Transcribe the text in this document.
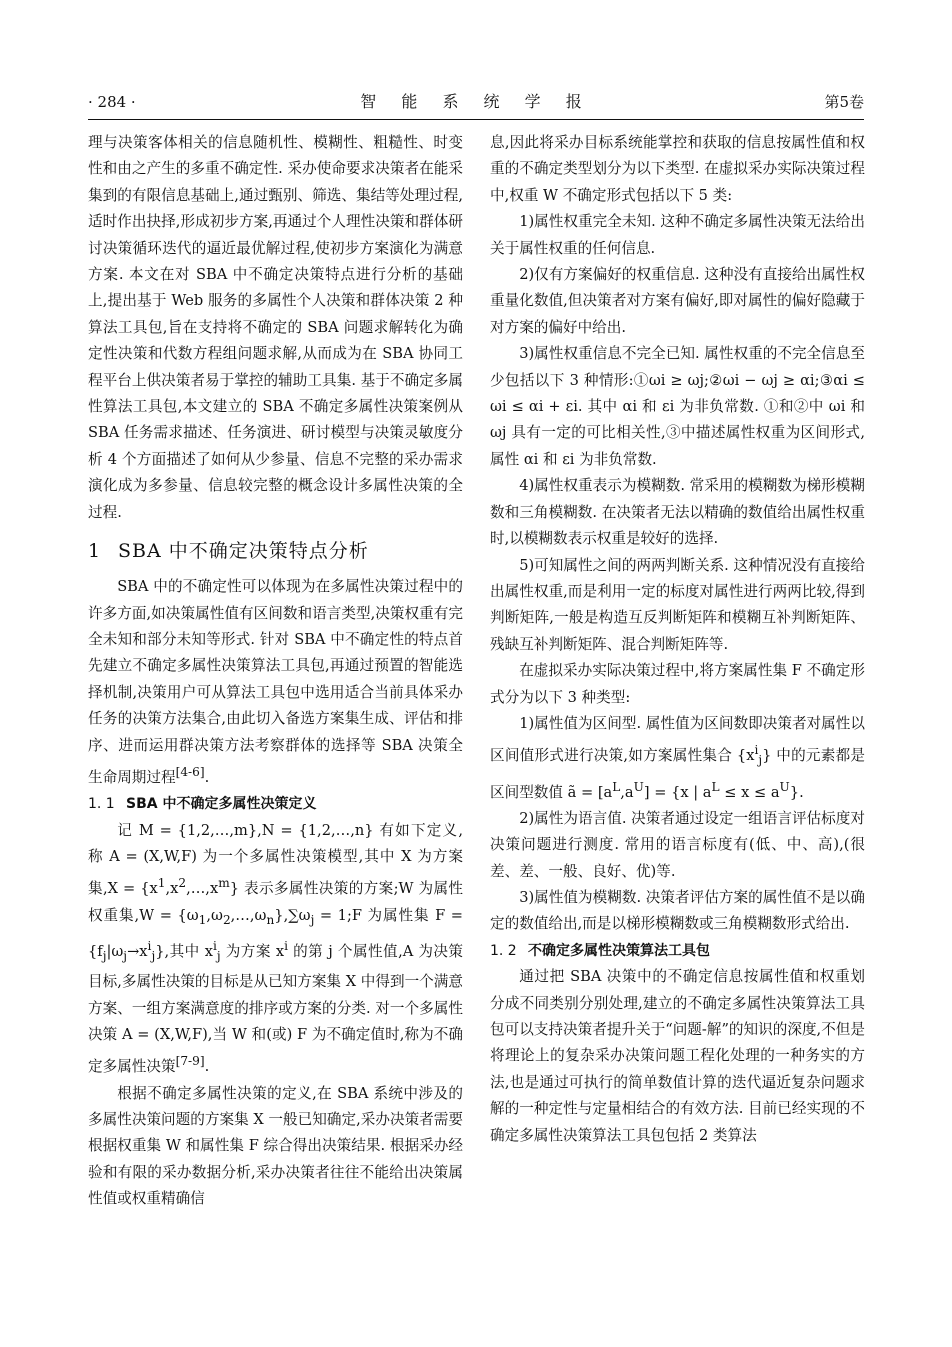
· 284 ·	智 能 系 统 学 报	第5卷

理与决策客体相关的信息随机性、模糊性、粗糙性、时变性和由之产生的多重不确定性. 采办使命要求决策者在能采集到的有限信息基础上,通过甄别、筛选、集结等处理过程,适时作出抉择,形成初步方案,再通过个人理性决策和群体研讨决策循环迭代的逼近最优解过程,使初步方案演化为满意方案. 本文在对 SBA 中不确定决策特点进行分析的基础上,提出基于 Web 服务的多属性个人决策和群体决策 2 种算法工具包,旨在支持将不确定的 SBA 问题求解转化为确定性决策和代数方程组问题求解,从而成为在 SBA 协同工程平台上供决策者易于掌控的辅助工具集. 基于不确定多属性算法工具包,本文建立的 SBA 不确定多属性决策案例从 SBA 任务需求描述、任务演进、研讨模型与决策灵敏度分析 4 个方面描述了如何从少参量、信息不完整的采办需求演化成为多参量、信息较完整的概念设计多属性决策的全过程.

1 SBA 中不确定决策特点分析

SBA 中的不确定性可以体现为在多属性决策过程中的许多方面,如决策属性值有区间数和语言类型,决策权重有完全未知和部分未知等形式. 针对 SBA 中不确定性的特点首先建立不确定多属性决策算法工具包,再通过预置的智能选择机制,决策用户可从算法工具包中选用适合当前具体采办任务的决策方法集合,由此切入备选方案集生成、评估和排序、进而运用群决策方法考察群体的选择等 SBA 决策全生命周期过程[4-6].

1. 1 SBA 中不确定多属性决策定义

记 M = {1,2,…,m},N = {1,2,…,n} 有如下定义,称 A = (X,W,F) 为一个多属性决策模型,其中 X 为方案集$,X = \{x^1,x^2,\dots,x^m\}$ 表示多属性决策的方案;W 为属性权重集$,W = \{\omega_1,\omega_2,\dots,\omega_n\},\sum\omega_j$ = 1;F 为属性集 $F = \{f_j|\omega_j\to x^i_j\}$,其中 $x^i_j$ 为方案 $x^i$ 的第 j 个属性值,A 为决策目标,多属性决策的目标是从已知方案集 X 中得到一个满意方案、一组方案满意度的排序或方案的分类. 对一个多属性决策 A = (X,W,F),当 W 和(或) F 为不确定值时,称为不确定多属性决策[7-9].

根据不确定多属性决策的定义,在 SBA 系统中涉及的多属性决策问题的方案集 X 一般已知确定,采办决策者需要根据权重集 W 和属性集 F 综合得出决策结果. 根据采办经验和有限的采办数据分析,采办决策者往往不能给出决策属性值或权重精确信

息,因此将采办目标系统能掌控和获取的信息按属性值和权重的不确定类型划分为以下类型. 在虚拟采办实际决策过程中,权重 W 不确定形式包括以下 5 类:

1)属性权重完全未知. 这种不确定多属性决策无法给出关于属性权重的任何信息.

2)仅有方案偏好的权重信息. 这种没有直接给出属性权重量化数值,但决策者对方案有偏好,即对属性的偏好隐藏于对方案的偏好中给出.

3)属性权重信息不完全已知. 属性权重的不完全信息至少包括以下 3 种情形:①ωi ≥ ωj;②ωi − ωj ≥ αi;③αi ≤ ωi ≤ αi + εi. 其中 αi 和 εi 为非负常数. ①和②中 ωi 和 ωj 具有一定的可比相关性,③中描述属性权重为区间形式,属性 αi 和 εi 为非负常数.

4)属性权重表示为模糊数. 常采用的模糊数为梯形模糊数和三角模糊数. 在决策者无法以精确的数值给出属性权重时,以模糊数表示权重是较好的选择.

5)可知属性之间的两两判断关系. 这种情况没有直接给出属性权重,而是利用一定的标度对属性进行两两比较,得到判断矩阵,一般是构造互反判断矩阵和模糊互补判断矩阵、残缺互补判断矩阵、混合判断矩阵等.

在虚拟采办实际决策过程中,将方案属性集 F 不确定形式分为以下 3 种类型:

1)属性值为区间型. 属性值为区间数即决策者对属性以区间值形式进行决策,如方案属性集合 $\{x^i_j\}$ 中的元素都是区间型数值 ã = $[a^L,a^U] = \{x$ | $a^L \le x \le a^U$}.

2)属性为语言值. 决策者通过设定一组语言评估标度对决策问题进行测度. 常用的语言标度有(低、中、高),(很差、差、一般、良好、优)等.

3)属性值为模糊数. 决策者评估方案的属性值不是以确定的数值给出,而是以梯形模糊数或三角模糊数形式给出.

1. 2 不确定多属性决策算法工具包

通过把 SBA 决策中的不确定信息按属性值和权重划分成不同类别分别处理,建立的不确定多属性决策算法工具包可以支持决策者提升关于“问题-解”的知识的深度,不但是将理论上的复杂采办决策问题工程化处理的一种务实的方法,也是通过可执行的简单数值计算的迭代逼近复杂问题求解的一种定性与定量相结合的有效方法. 目前已经实现的不确定多属性决策算法工具包包括 2 类算法
